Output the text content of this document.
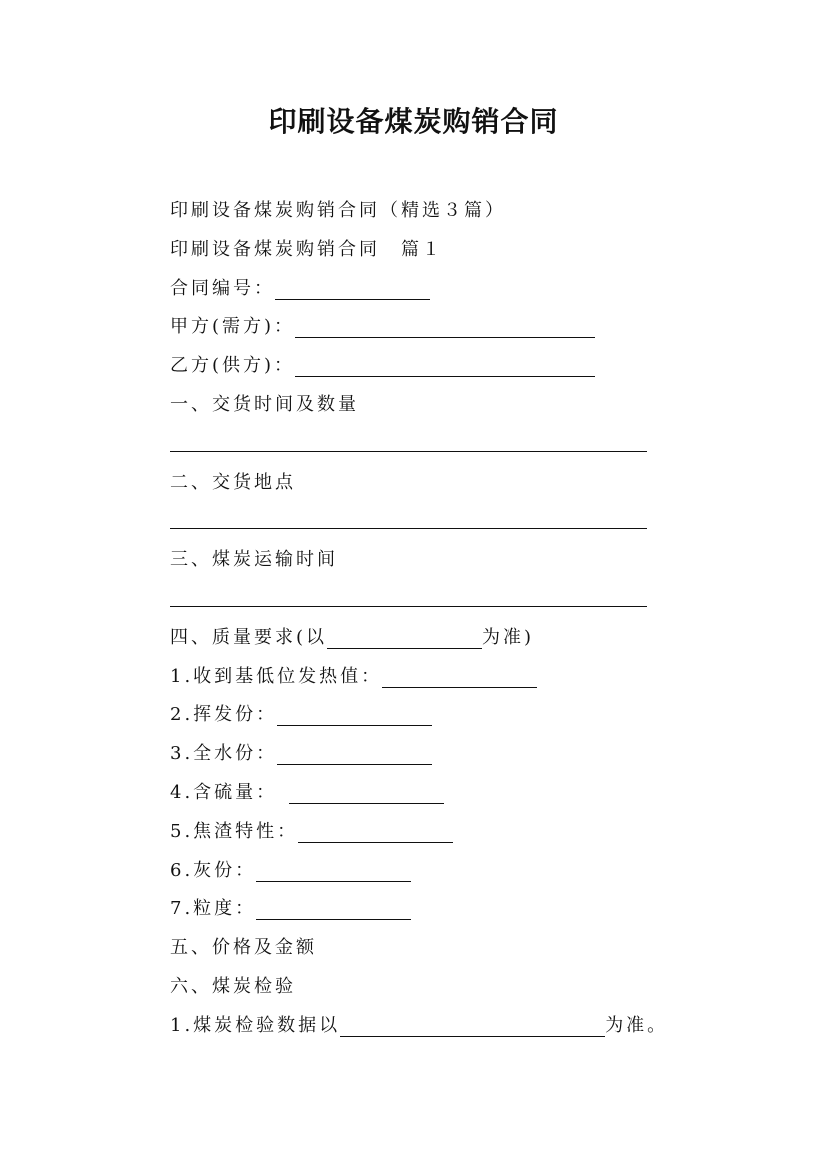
印刷设备煤炭购销合同
印刷设备煤炭购销合同（精选３篇）
印刷设备煤炭购销合同　篇１
合同编号：
甲方(需方)：
乙方(供方)：
一、交货时间及数量
二、交货地点
三、煤炭运输时间
四、质量要求(以	为准)
1.收到基低位发热值：
2.挥发份：
3.全水份：
4.含硫量：
5.焦渣特性：
6.灰份：
7.粒度：
五、价格及金额
六、煤炭检验
1.煤炭检验数据以	为准。
